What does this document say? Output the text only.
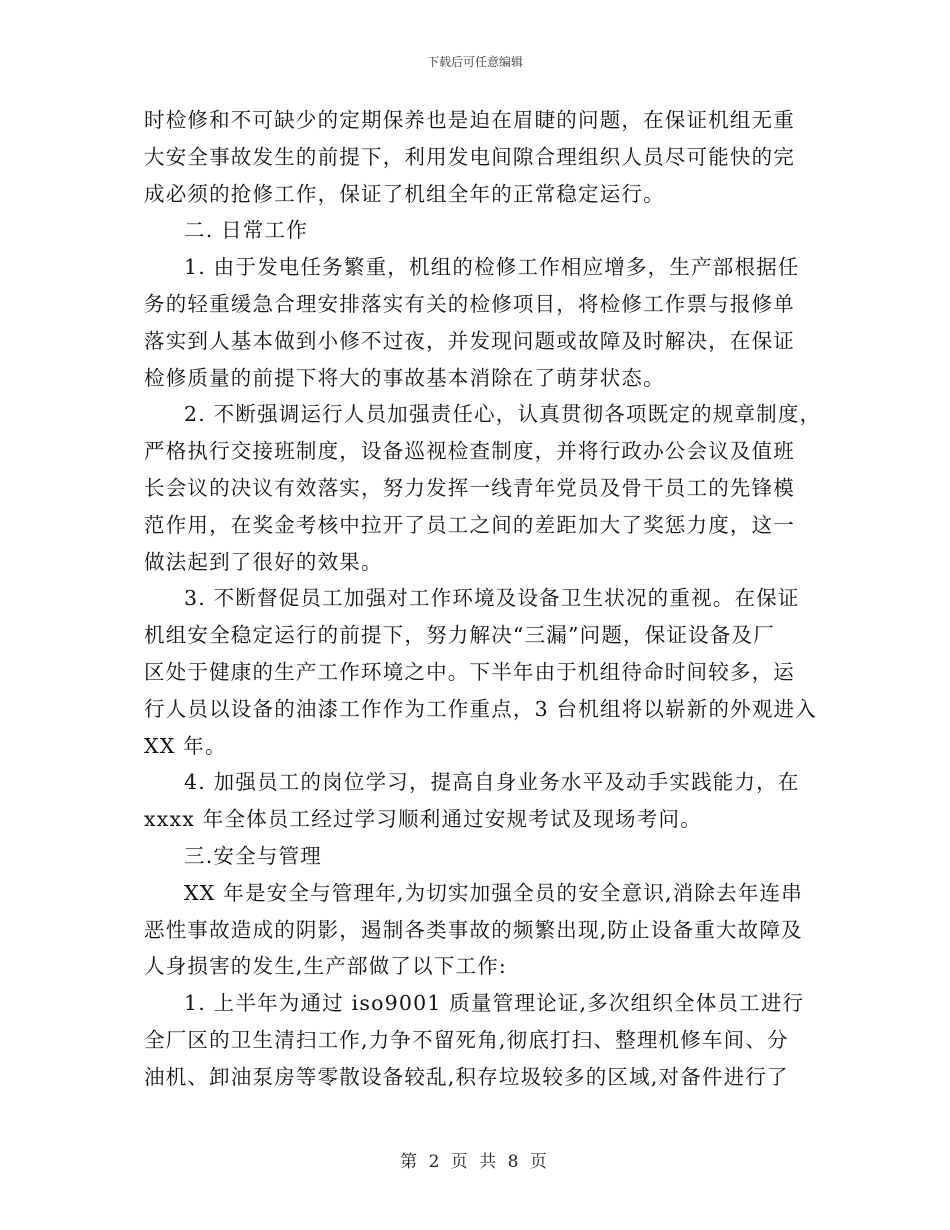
下载后可任意编辑
时检修和不可缺少的定期保养也是迫在眉睫的问题，在保证机组无重
大安全事故发生的前提下，利用发电间隙合理组织人员尽可能快的完
成必须的抢修工作，保证了机组全年的正常稳定运行。
二. 日常工作
1. 由于发电任务繁重，机组的检修工作相应增多，生产部根据任
务的轻重缓急合理安排落实有关的检修项目，将检修工作票与报修单
落实到人基本做到小修不过夜，并发现问题或故障及时解决，在保证
检修质量的前提下将大的事故基本消除在了萌芽状态。
2. 不断强调运行人员加强责任心，认真贯彻各项既定的规章制度，
严格执行交接班制度，设备巡视检查制度，并将行政办公会议及值班
长会议的决议有效落实，努力发挥一线青年党员及骨干员工的先锋模
范作用，在奖金考核中拉开了员工之间的差距加大了奖惩力度，这一
做法起到了很好的效果。
3. 不断督促员工加强对工作环境及设备卫生状况的重视。在保证
机组安全稳定运行的前提下，努力解决“三漏”问题，保证设备及厂
区处于健康的生产工作环境之中。下半年由于机组待命时间较多，运
行人员以设备的油漆工作作为工作重点，3 台机组将以崭新的外观进入
XX 年。
4. 加强员工的岗位学习，提高自身业务水平及动手实践能力，在
xxxx 年全体员工经过学习顺利通过安规考试及现场考问。
三.安全与管理
XX 年是安全与管理年,为切实加强全员的安全意识,消除去年连串
恶性事故造成的阴影，遏制各类事故的频繁出现,防止设备重大故障及
人身损害的发生,生产部做了以下工作:
1. 上半年为通过 iso9001 质量管理论证,多次组织全体员工进行
全厂区的卫生清扫工作,力争不留死角,彻底打扫、整理机修车间、分
油机、卸油泵房等零散设备较乱,积存垃圾较多的区域,对备件进行了
第 2 页 共 8 页
